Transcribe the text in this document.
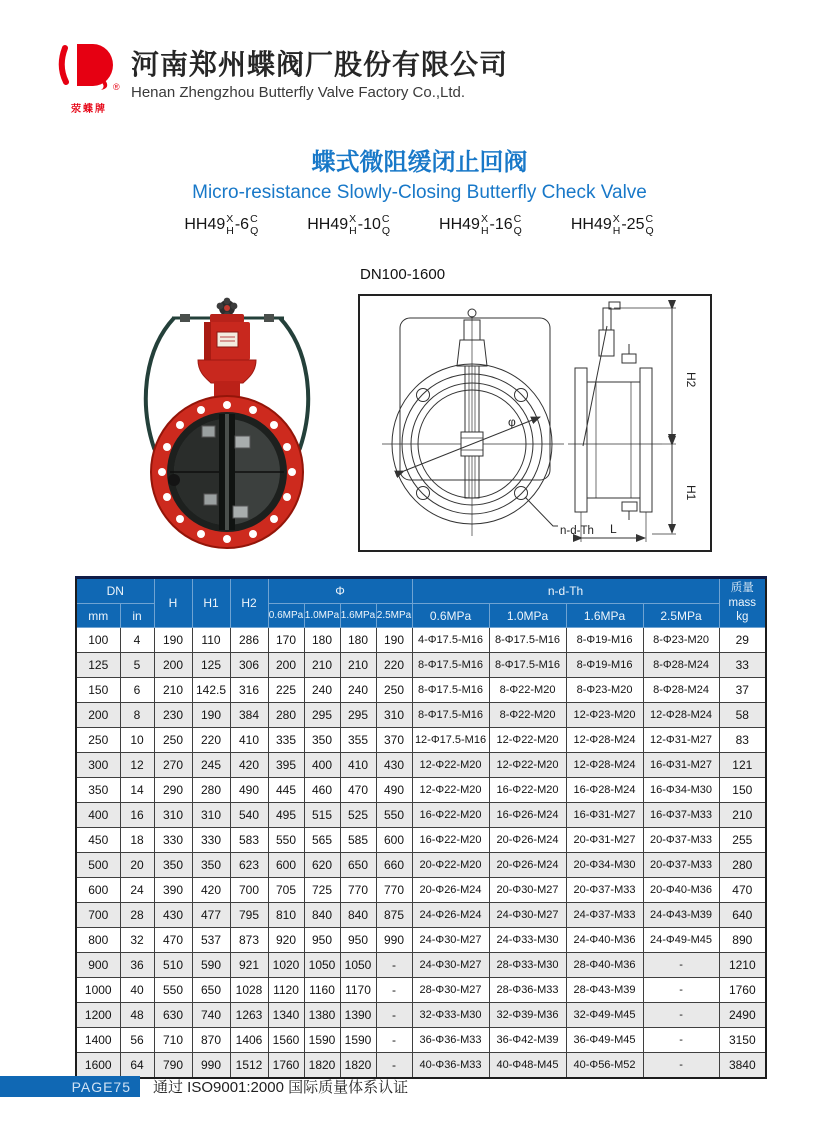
®
荥蝶牌
河南郑州蝶阀厂股份有限公司
Henan Zhengzhou Butterfly Valve Factory Co.,Ltd.
蝶式微阻缓闭止回阀
Micro-resistance Slowly-Closing Butterfly Check Valve
HH49 X
H -6 C
Q	HH49 X
H -10 C
Q	HH49 X
H -16 C
Q	HH49 X
H -25 C
Q
DN100-1600
φ
n-d-Th
H2
H1
L
DN		H	H1	H2	Φ				n-d-Th				质量
mass
kg

mm	in				0.6MPa	1.0MPa	1.6MPa	2.5MPa	0.6MPa	1.0MPa	1.6MPa	2.5MPa	
100	4	190	110	286	170	180	180	190	4-Φ17.5-M16	8-Φ17.5-M16	8-Φ19-M16	8-Φ23-M20	29
125	5	200	125	306	200	210	210	220	8-Φ17.5-M16	8-Φ17.5-M16	8-Φ19-M16	8-Φ28-M24	33
150	6	210	142.5	316	225	240	240	250	8-Φ17.5-M16	8-Φ22-M20	8-Φ23-M20	8-Φ28-M24	37
200	8	230	190	384	280	295	295	310	8-Φ17.5-M16	8-Φ22-M20	12-Φ23-M20	12-Φ28-M24	58
250	10	250	220	410	335	350	355	370	12-Φ17.5-M16	12-Φ22-M20	12-Φ28-M24	12-Φ31-M27	83
300	12	270	245	420	395	400	410	430	12-Φ22-M20	12-Φ22-M20	12-Φ28-M24	16-Φ31-M27	121
350	14	290	280	490	445	460	470	490	12-Φ22-M20	16-Φ22-M20	16-Φ28-M24	16-Φ34-M30	150
400	16	310	310	540	495	515	525	550	16-Φ22-M20	16-Φ26-M24	16-Φ31-M27	16-Φ37-M33	210
450	18	330	330	583	550	565	585	600	16-Φ22-M20	20-Φ26-M24	20-Φ31-M27	20-Φ37-M33	255
500	20	350	350	623	600	620	650	660	20-Φ22-M20	20-Φ26-M24	20-Φ34-M30	20-Φ37-M33	280
600	24	390	420	700	705	725	770	770	20-Φ26-M24	20-Φ30-M27	20-Φ37-M33	20-Φ40-M36	470
700	28	430	477	795	810	840	840	875	24-Φ26-M24	24-Φ30-M27	24-Φ37-M33	24-Φ43-M39	640
800	32	470	537	873	920	950	950	990	24-Φ30-M27	24-Φ33-M30	24-Φ40-M36	24-Φ49-M45	890
900	36	510	590	921	1020	1050	1050	-	24-Φ30-M27	28-Φ33-M30	28-Φ40-M36	-	1210
1000	40	550	650	1028	1120	1160	1170	-	28-Φ30-M27	28-Φ36-M33	28-Φ43-M39	-	1760
1200	48	630	740	1263	1340	1380	1390	-	32-Φ33-M30	32-Φ39-M36	32-Φ49-M45	-	2490
1400	56	710	870	1406	1560	1590	1590	-	36-Φ36-M33	36-Φ42-M39	36-Φ49-M45	-	3150
1600	64	790	990	1512	1760	1820	1820	-	40-Φ36-M33	40-Φ48-M45	40-Φ56-M52	-	3840
PAGE75	通过 ISO9001:2000 国际质量体系认证
